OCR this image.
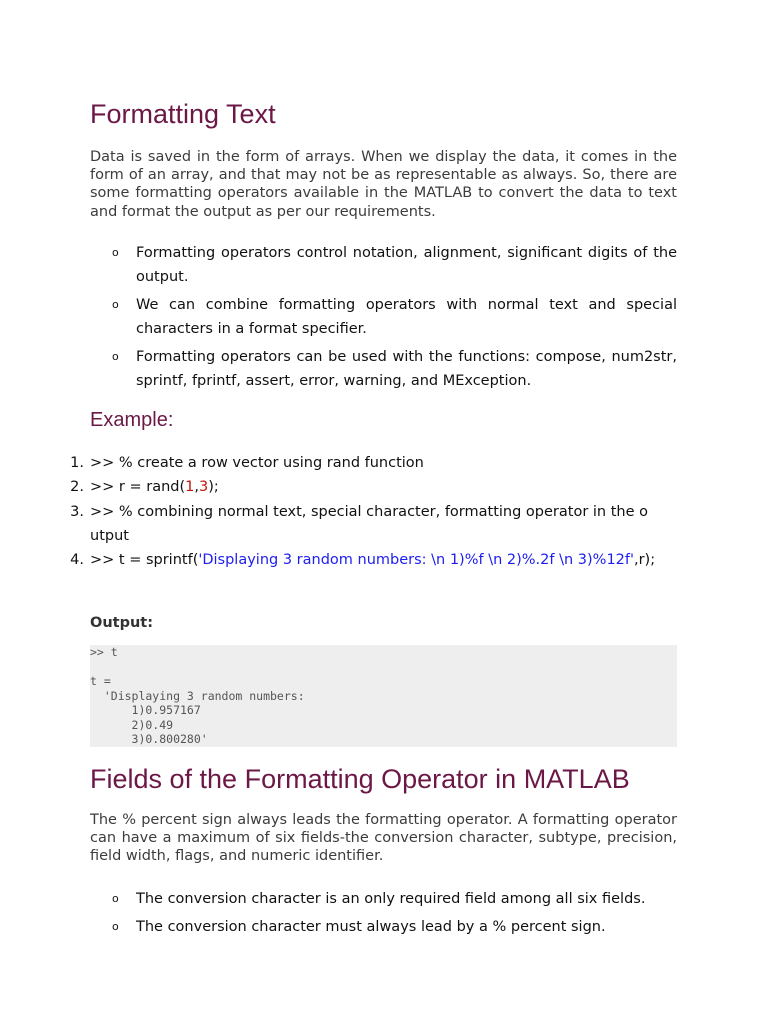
Formatting Text

Data is saved in the form of arrays. When we display the data, it comes in the form of an array, and that may not be as representable as always. So, there are some formatting operators available in the MATLAB to convert the data to text and format the output as per our requirements.

o Formatting operators control notation, alignment, significant digits of the output.
o We can combine formatting operators with normal text and special characters in a format specifier.
o Formatting operators can be used with the functions: compose, num2str, sprintf, fprintf, assert, error, warning, and MException.
Example:
1. >> % create a row vector using rand function
2. >> r = rand(1,3);
3. >> % combining normal text, special character, formatting operator in the o utput
4. >> t = sprintf('Displaying 3 random numbers: \n 1)%f \n 2)%.2f \n 3)%12f',r);
Output:
>> t

t =
'Displaying 3 random numbers:
1)0.957167
2)0.49
3)0.800280'
Fields of the Formatting Operator in MATLAB

The % percent sign always leads the formatting operator. A formatting operator can have a maximum of six fields-the conversion character, subtype, precision, field width, flags, and numeric identifier.

o The conversion character is an only required field among all six fields.
o The conversion character must always lead by a % percent sign.
